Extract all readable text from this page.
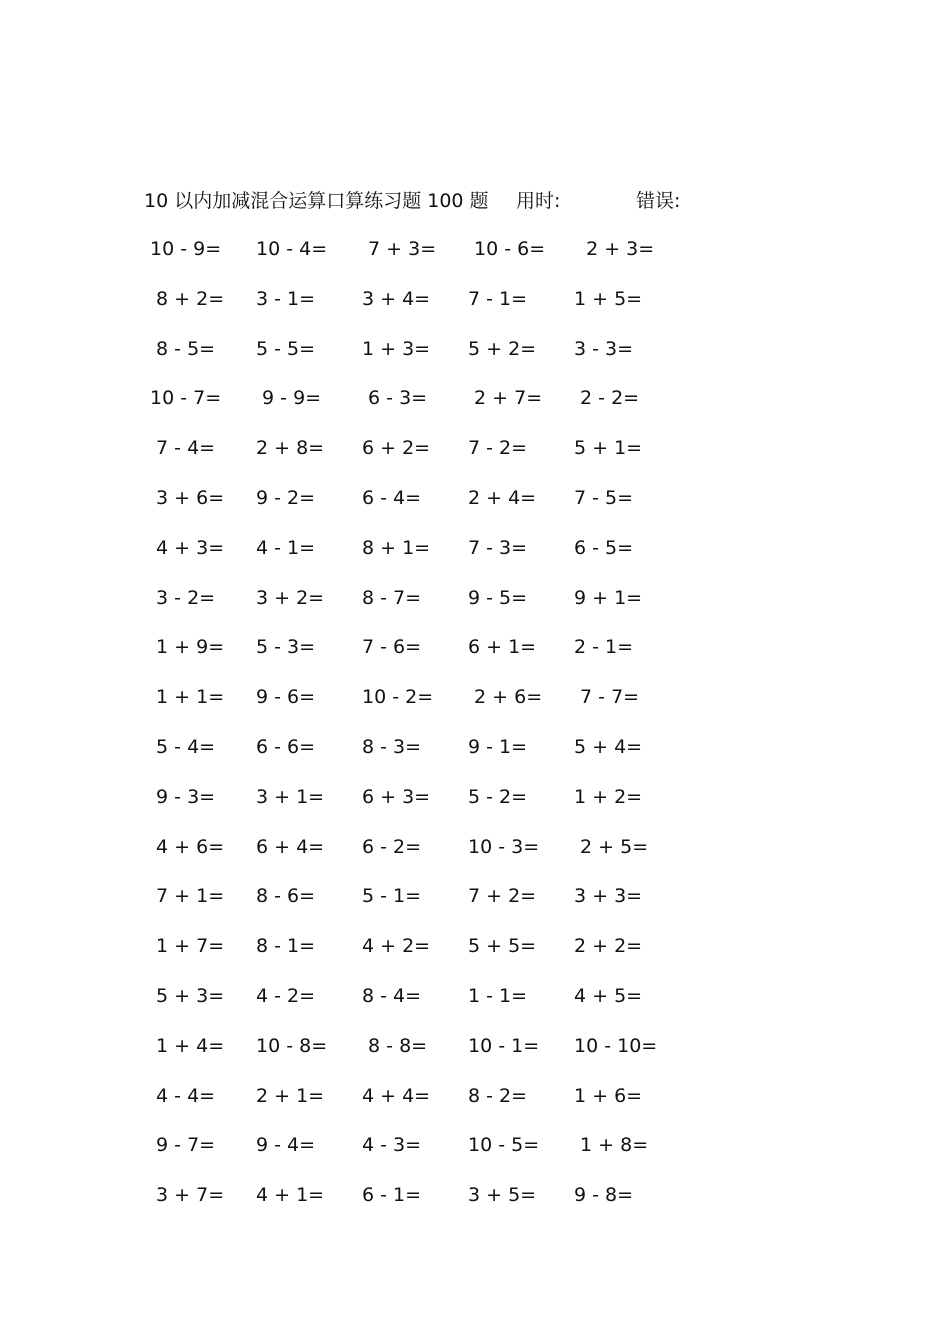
10 以内加减混合运算口算练习题 100 题 用时:	错误:
10 - 9=	10 - 4=	7 + 3=	10 - 6=	2 + 3=
8 + 2=	3 - 1=	3 + 4=	7 - 1=	1 + 5=
8 - 5=	5 - 5=	1 + 3=	5 + 2=	3 - 3=
10 - 7=	9 - 9=	6 - 3=	2 + 7=	2 - 2=
7 - 4=	2 + 8=	6 + 2=	7 - 2=	5 + 1=
3 + 6=	9 - 2=	6 - 4=	2 + 4=	7 - 5=
4 + 3=	4 - 1=	8 + 1=	7 - 3=	6 - 5=
3 - 2=	3 + 2=	8 - 7=	9 - 5=	9 + 1=
1 + 9=	5 - 3=	7 - 6=	6 + 1=	2 - 1=
1 + 1=	9 - 6=	10 - 2=	2 + 6=	7 - 7=
5 - 4=	6 - 6=	8 - 3=	9 - 1=	5 + 4=
9 - 3=	3 + 1=	6 + 3=	5 - 2=	1 + 2=
4 + 6=	6 + 4=	6 - 2=	10 - 3=	2 + 5=
7 + 1=	8 - 6=	5 - 1=	7 + 2=	3 + 3=
1 + 7=	8 - 1=	4 + 2=	5 + 5=	2 + 2=
5 + 3=	4 - 2=	8 - 4=	1 - 1=	4 + 5=
1 + 4=	10 - 8=	8 - 8=	10 - 1=	10 - 10=
4 - 4=	2 + 1=	4 + 4=	8 - 2=	1 + 6=
9 - 7=	9 - 4=	4 - 3=	10 - 5=	1 + 8=
3 + 7=	4 + 1=	6 - 1=	3 + 5=	9 - 8=
